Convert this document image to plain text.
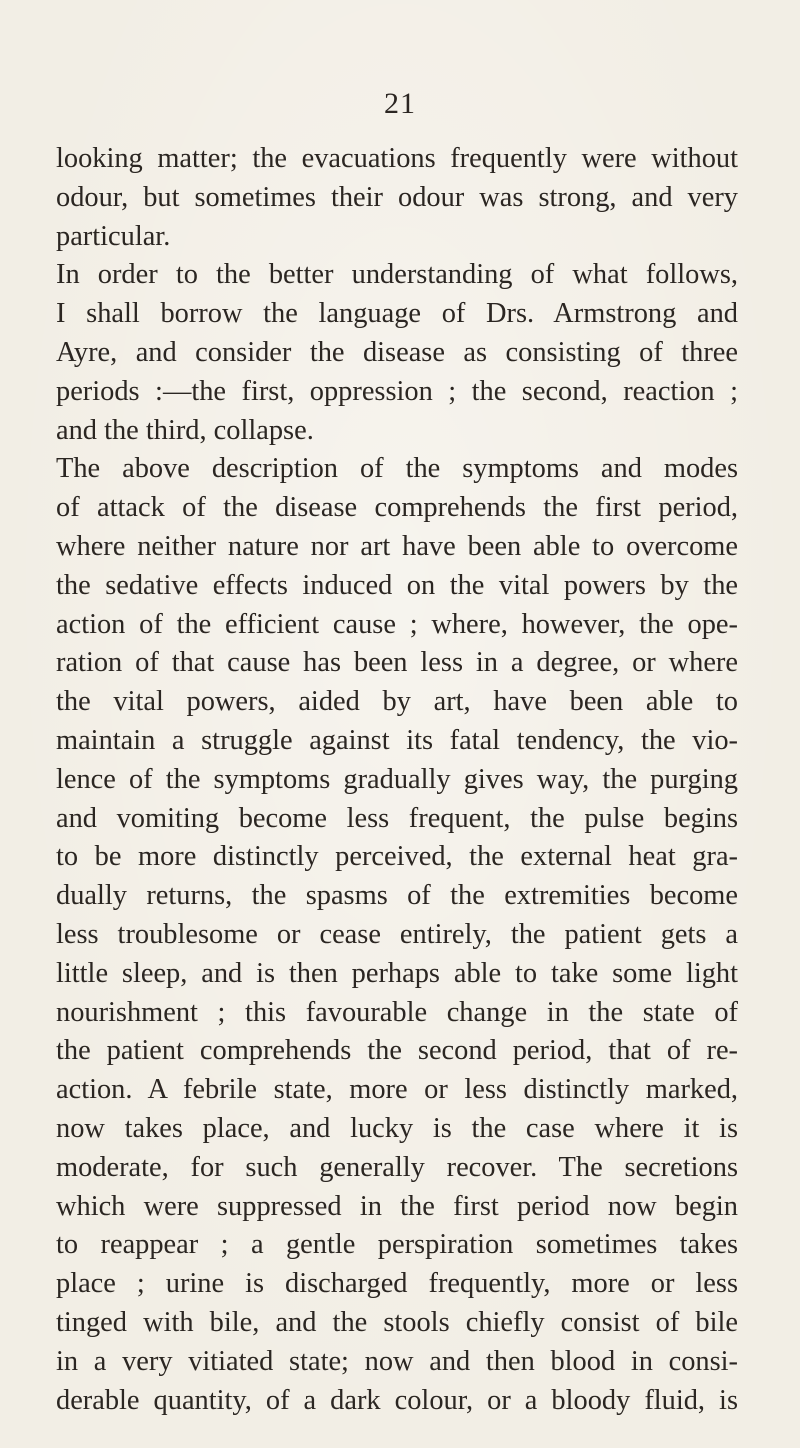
21
looking matter; the evacuations frequently were without
odour, but sometimes their odour was strong, and very
particular.
In order to the better understanding of what follows,
I shall borrow the language of Drs. Armstrong and
Ayre, and consider the disease as consisting of three
periods :—the first, oppression ; the second, reaction ;
and the third, collapse.
The above description of the symptoms and modes
of attack of the disease comprehends the first period,
where neither nature nor art have been able to overcome
the sedative effects induced on the vital powers by the
action of the efficient cause ; where, however, the ope-
ration of that cause has been less in a degree, or where
the vital powers, aided by art, have been able to
maintain a struggle against its fatal tendency, the vio-
lence of the symptoms gradually gives way, the purging
and vomiting become less frequent, the pulse begins
to be more distinctly perceived, the external heat gra-
dually returns, the spasms of the extremities become
less troublesome or cease entirely, the patient gets a
little sleep, and is then perhaps able to take some light
nourishment ; this favourable change in the state of
the patient comprehends the second period, that of re-
action. A febrile state, more or less distinctly marked,
now takes place, and lucky is the case where it is
moderate, for such generally recover. The secretions
which were suppressed in the first period now begin
to reappear ; a gentle perspiration sometimes takes
place ; urine is discharged frequently, more or less
tinged with bile, and the stools chiefly consist of bile
in a very vitiated state; now and then blood in consi-
derable quantity, of a dark colour, or a bloody fluid, is
